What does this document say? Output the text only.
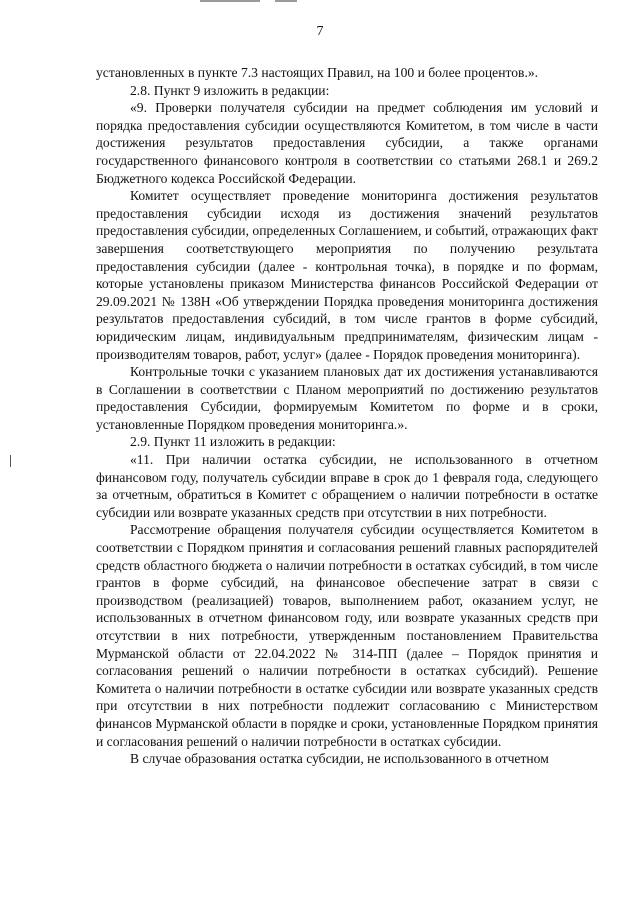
7

установленных в пункте 7.3 настоящих Правил, на 100 и более процентов.».

2.8. Пункт 9 изложить в редакции:

«9. Проверки получателя субсидии на предмет соблюдения им условий и порядка предоставления субсидии осуществляются Комитетом, в том числе в части достижения результатов предоставления субсидии, а также органами государственного финансового контроля в соответствии со статьями 268.1 и 269.2 Бюджетного кодекса Российской Федерации.

Комитет осуществляет проведение мониторинга достижения результатов предоставления субсидии исходя из достижения значений результатов предоставления субсидии, определенных Соглашением, и событий, отражающих факт завершения соответствующего мероприятия по получению результата предоставления субсидии (далее - контрольная точка), в порядке и по формам, которые установлены приказом Министерства финансов Российской Федерации от 29.09.2021 № 138Н «Об утверждении Порядка проведения мониторинга достижения результатов предоставления субсидий, в том числе грантов в форме субсидий, юридическим лицам, индивидуальным предпринимателям, физическим лицам - производителям товаров, работ, услуг» (далее - Порядок проведения мониторинга).

Контрольные точки с указанием плановых дат их достижения устанавливаются в Соглашении в соответствии с Планом мероприятий по достижению результатов предоставления Субсидии, формируемым Комитетом по форме и в сроки, установленные Порядком проведения мониторинга.».

2.9. Пункт 11 изложить в редакции:

«11. При наличии остатка субсидии, не использованного в отчетном финансовом году, получатель субсидии вправе в срок до 1 февраля года, следующего за отчетным, обратиться в Комитет с обращением о наличии потребности в остатке субсидии или возврате указанных средств при отсутствии в них потребности.

Рассмотрение обращения получателя субсидии осуществляется Комитетом в соответствии с Порядком принятия и согласования решений главных распорядителей средств областного бюджета о наличии потребности в остатках субсидий, в том числе грантов в форме субсидий, на финансовое обеспечение затрат в связи с производством (реализацией) товаров, выполнением работ, оказанием услуг, не использованных в отчетном финансовом году, или возврате указанных средств при отсутствии в них потребности, утвержденным постановлением Правительства Мурманской области от 22.04.2022 № 314-ПП (далее – Порядок принятия и согласования решений о наличии потребности в остатках субсидий). Решение Комитета о наличии потребности в остатке субсидии или возврате указанных средств при отсутствии в них потребности подлежит согласованию с Министерством финансов Мурманской области в порядке и сроки, установленные Порядком принятия и согласования решений о наличии потребности в остатках субсидии.

В случае образования остатка субсидии, не использованного в отчетном
